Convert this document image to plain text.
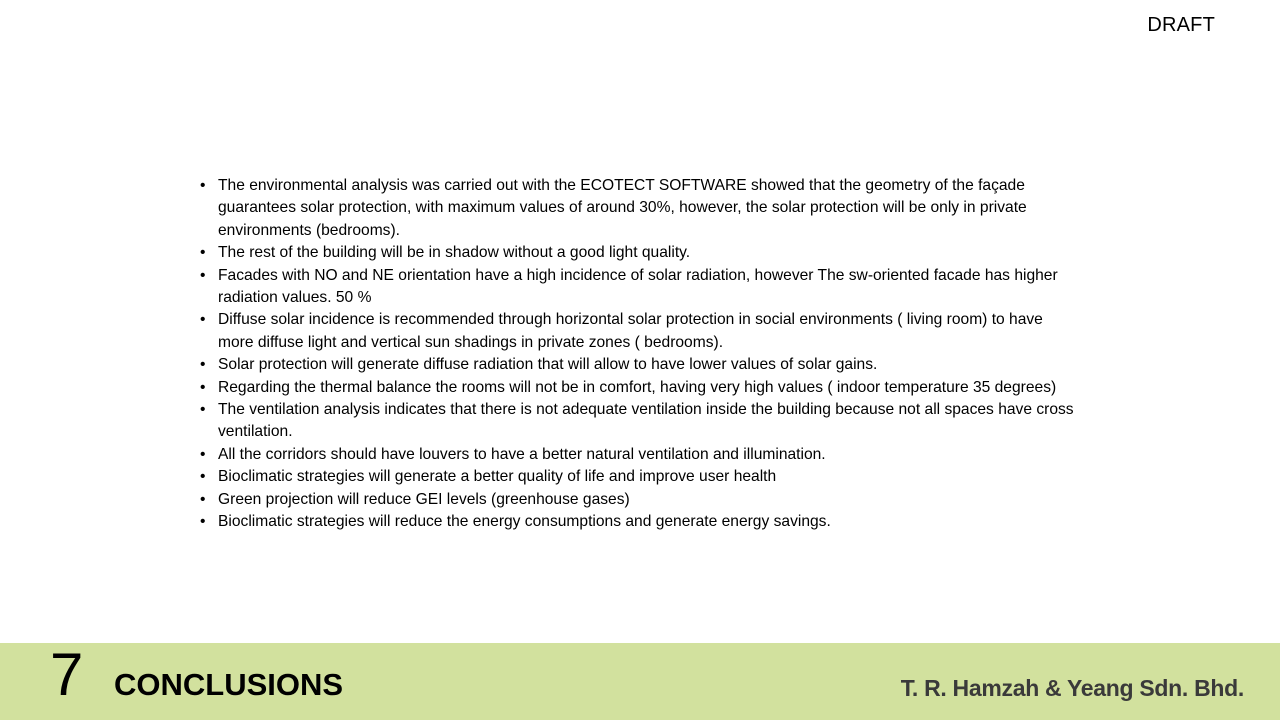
DRAFT
• The environmental analysis was carried out with the ECOTECT SOFTWARE showed that the geometry of the façade guarantees solar protection, with maximum values of around 30%, however, the solar protection will be only in private environments (bedrooms).
• The rest of the building will be in shadow without a good light quality.
• Facades with NO and NE orientation have a high incidence of solar radiation, however The sw-oriented facade has higher radiation values. 50 %
• Diffuse solar incidence is recommended through horizontal solar protection in social environments ( living room) to have more diffuse light and vertical sun shadings in private zones ( bedrooms).
• Solar protection will generate diffuse radiation that will allow to have lower values of solar gains.
• Regarding the thermal balance the rooms will not be in comfort, having very high values ( indoor temperature 35 degrees)
• The ventilation analysis indicates that there is not adequate ventilation inside the building because not all spaces have cross ventilation.
• All the corridors should have louvers to have a better natural ventilation and illumination.
• Bioclimatic strategies will generate a better quality of life and improve user health
• Green projection will reduce GEI levels (greenhouse gases)
• Bioclimatic strategies will reduce the energy consumptions and generate energy savings.
7 CONCLUSIONS	T. R. Hamzah & Yeang Sdn. Bhd.
